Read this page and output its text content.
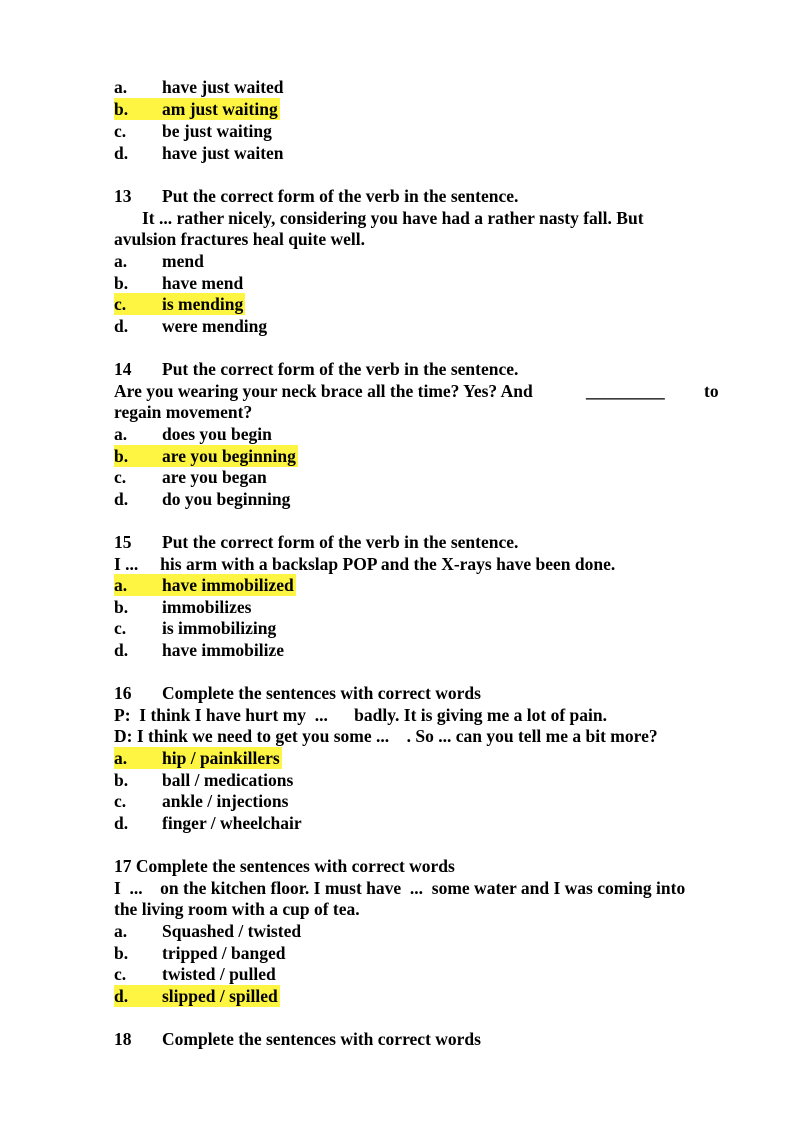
a. have just waited
b. am just waiting
c. be just waiting
d. have just waiten
13 Put the correct form of the verb in the sentence.
It ... rather nicely, considering you have had a rather nasty fall. But
avulsion fractures heal quite well.
a. mend
b. have mend
c. is mending
d. were mending
14 Put the correct form of the verb in the sentence.
Are you wearing your neck brace all the time? Yes? And	_________ to
regain movement?
a. does you begin
b. are you beginning
c. are you began
d. do you beginning
15 Put the correct form of the verb in the sentence.
I ...     his arm with a backslap POP and the X-rays have been done.
a. have immobilized
b. immobilizes
c. is immobilizing
d. have immobilize
16 Complete the sentences with correct words
P:  I think I have hurt my  ...      badly. It is giving me a lot of pain.
D: I think we need to get you some ...    . So ... can you tell me a bit more?
a. hip / painkillers
b. ball / medications
c. ankle / injections
d. finger / wheelchair
17 Complete the sentences with correct words
I  ...    on the kitchen floor. I must have  ...  some water and I was coming into
the living room with a cup of tea.
a. Squashed / twisted
b. tripped / banged
c. twisted / pulled
d. slipped / spilled
18 Complete the sentences with correct words
